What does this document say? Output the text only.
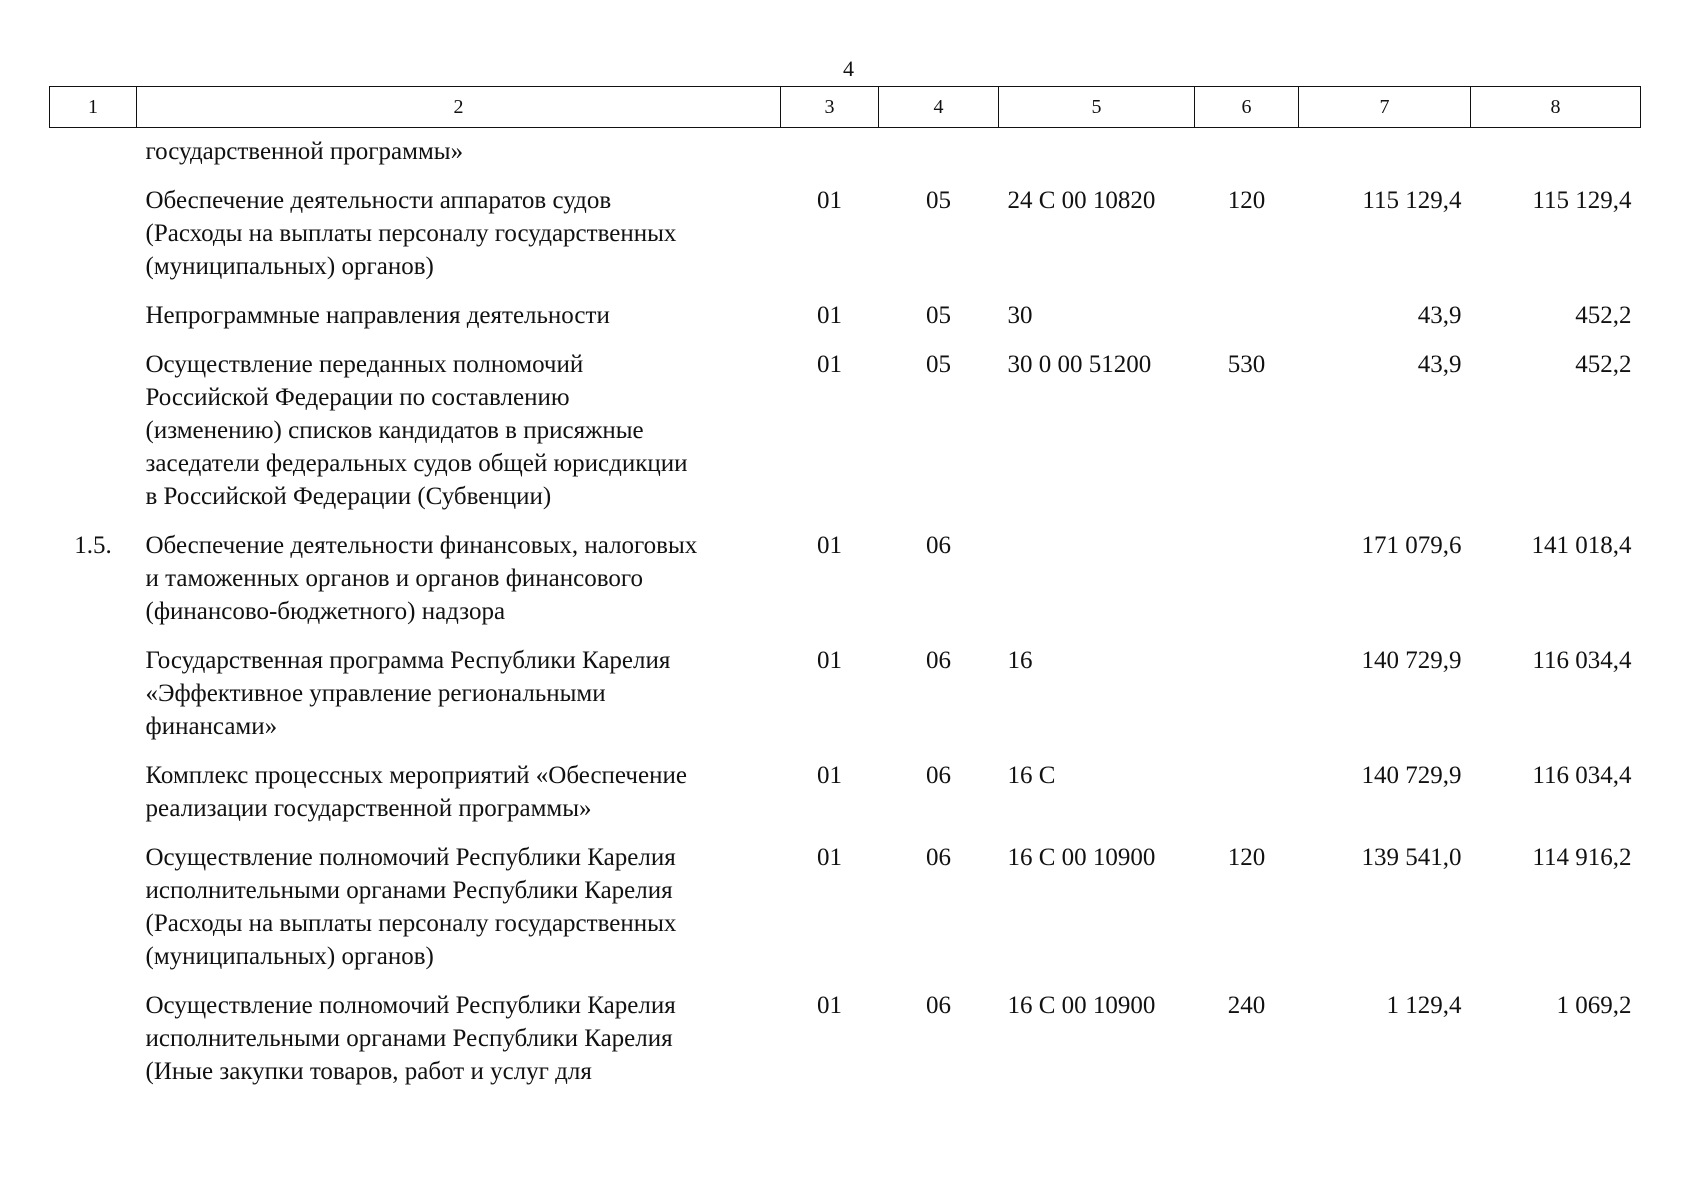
4
1	2	3	4	5	6	7	8

	государственной программы»						

	Обеспечение деятельности аппаратов судов
(Расходы на выплаты персоналу государственных
(муниципальных) органов)	01	05	24 С 00 10820	120	115 129,4	115 129,4

	Непрограммные направления деятельности	01	05	30		43,9	452,2

	Осуществление переданных полномочий
Российской Федерации по составлению
(изменению) списков кандидатов в присяжные
заседатели федеральных судов общей юрисдикции
в Российской Федерации (Субвенции)	01	05	30 0 00 51200	530	43,9	452,2
1.5.	Обеспечение деятельности финансовых, налоговых
и таможенных органов и органов финансового
(финансово-бюджетного) надзора	01	06			171 079,6	141 018,4

	Государственная программа Республики Карелия
«Эффективное управление региональными
финансами»	01	06	16		140 729,9	116 034,4

	Комплекс процессных мероприятий «Обеспечение
реализации государственной программы»	01	06	16 С		140 729,9	116 034,4

	Осуществление полномочий Республики Карелия
исполнительными органами Республики Карелия
(Расходы на выплаты персоналу государственных
(муниципальных) органов)	01	06	16 С 00 10900	120	139 541,0	114 916,2

	Осуществление полномочий Республики Карелия
исполнительными органами Республики Карелия
(Иные закупки товаров, работ и услуг для	01	06	16 С 00 10900	240	1 129,4	1 069,2
